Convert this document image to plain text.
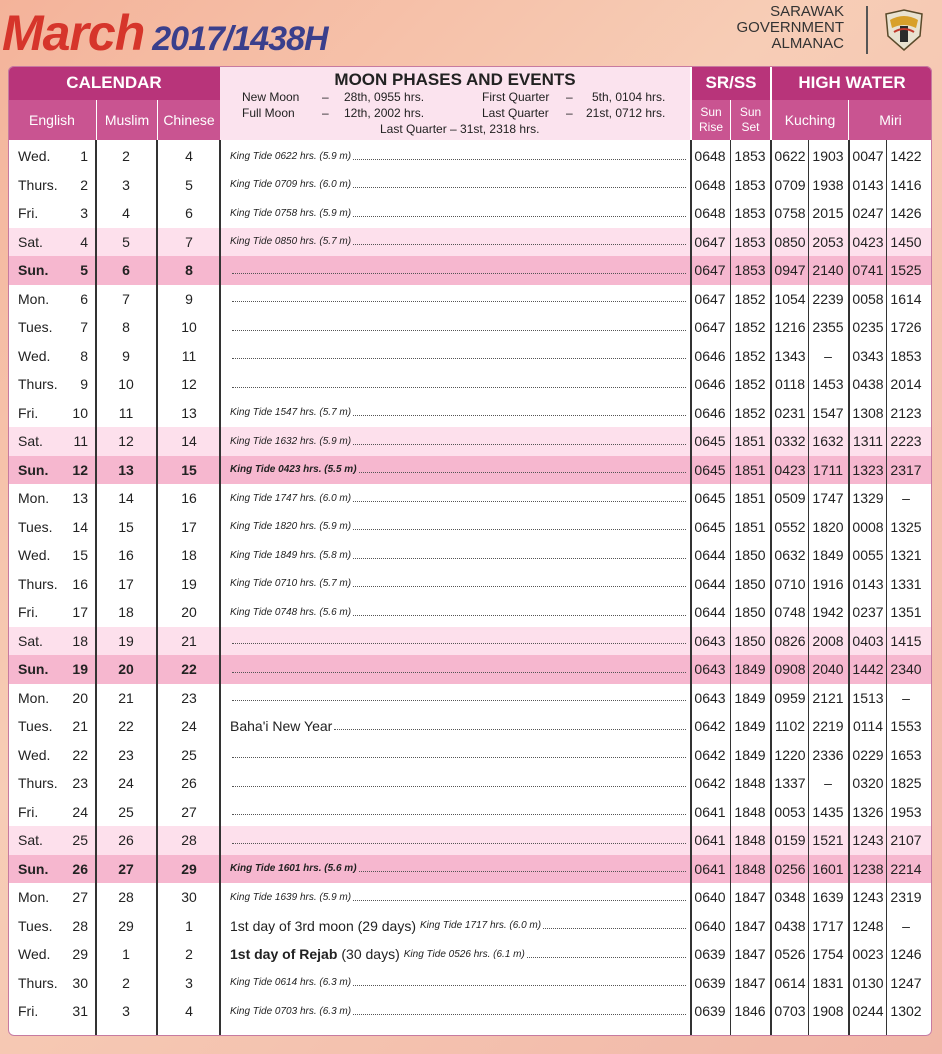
March 2017/1438H
SARAWAK
GOVERNMENT
ALMANAC
CALENDAR
English	Muslim	Chinese
MOON PHASES AND EVENTS
New Moon – 28th, 0955 hrs.
Full Moon – 12th, 2002 hrs.
First Quarter – 5th, 0104 hrs.
Last Quarter – 21st, 0712 hrs.
Last Quarter – 31st, 2318 hrs.
SR/SS
Sun Rise
Sun Set
HIGH WATER
Kuching	Miri
Wed.	1	2	4	King Tide 0622 hrs. (5.9 m)	0648 1853 0622 1903 0047 1422
Thurs.	2	3	5	King Tide 0709 hrs. (6.0 m)	0648 1853 0709 1938 0143 1416
Fri.	3	4	6	King Tide 0758 hrs. (5.9 m)	0648 1853 0758 2015 0247 1426
Sat.	4	5	7	King Tide 0850 hrs. (5.7 m)	0647 1853 0850 2053 0423 1450
Sun.	5	6	8	0647 1853 0947 2140 0741 1525
Mon.	6	7	9	0647 1852 1054 2239 0058 1614
Tues.	7	8	10	0647 1852 1216 2355 0235 1726
Wed.	8	9	11	0646 1852 1343	–	0343 1853
Thurs.	9	10	12	0646 1852 0118 1453 0438 2014
Fri.	10	11	13	King Tide 1547 hrs. (5.7 m)	0646 1852 0231 1547 1308 2123
Sat.	11	12	14	King Tide 1632 hrs. (5.9 m)	0645 1851 0332 1632 1311 2223
Sun.	12	13	15	King Tide 0423 hrs. (5.5 m)	0645 1851 0423 1711 1323 2317
Mon.	13	14	16	King Tide 1747 hrs. (6.0 m)	0645 1851 0509 1747 1329	–
Tues.	14	15	17	King Tide 1820 hrs. (5.9 m)	0645 1851 0552 1820 0008 1325
Wed.	15	16	18	King Tide 1849 hrs. (5.8 m)	0644 1850 0632 1849 0055 1321
Thurs.	16	17	19	King Tide 0710 hrs. (5.7 m)	0644 1850 0710 1916 0143 1331
Fri.	17	18	20	King Tide 0748 hrs. (5.6 m)	0644 1850 0748 1942 0237 1351
Sat.	18	19	21	0643 1850 0826 2008 0403 1415
Sun.	19	20	22	0643 1849 0908 2040 1442 2340
Mon.	20	21	23	0643 1849 0959 2121 1513	–
Tues.	21	22	24	Baha'i New Year	0642 1849 1102 2219 0114 1553
Wed.	22	23	25	0642 1849 1220 2336 0229 1653
Thurs.	23	24	26	0642 1848 1337	–	0320 1825
Fri.	24	25	27	0641 1848 0053 1435 1326 1953
Sat.	25	26	28	0641 1848 0159 1521 1243 2107
Sun.	26	27	29	King Tide 1601 hrs. (5.6 m)	0641 1848 0256 1601 1238 2214
Mon.	27	28	30	King Tide 1639 hrs. (5.9 m)	0640 1847 0348 1639 1243 2319
Tues.	28	29	1	1st day of 3rd moon (29 days) King Tide 1717 hrs. (6.0 m)	0640 1847 0438 1717 1248	–
Wed.	29	1	2	1st day of Rejab (30 days) King Tide 0526 hrs. (6.1 m)	0639 1847 0526 1754 0023 1246
Thurs.	30	2	3	King Tide 0614 hrs. (6.3 m)	0639 1847 0614 1831 0130 1247
Fri.	31	3	4	King Tide 0703 hrs. (6.3 m)	0639 1846 0703 1908 0244 1302
